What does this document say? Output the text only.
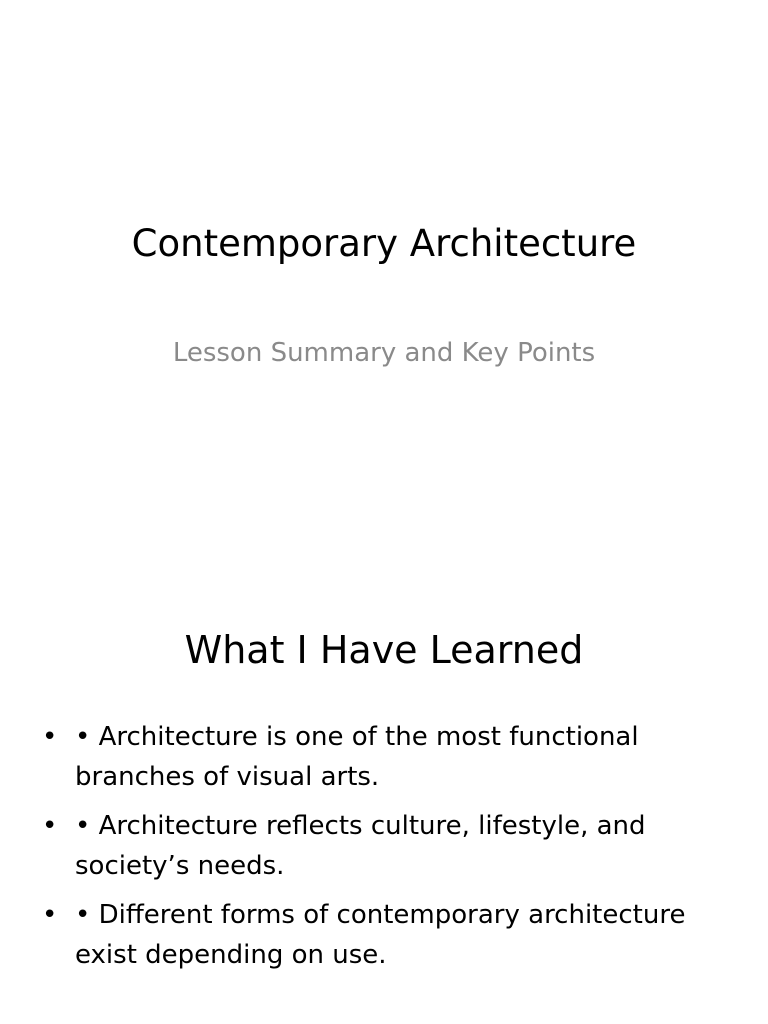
Contemporary Architecture
Lesson Summary and Key Points
What I Have Learned
• • Architecture is one of the most functional branches of visual arts.
• • Architecture reflects culture, lifestyle, and society’s needs.
• • Different forms of contemporary architecture exist depending on use.
